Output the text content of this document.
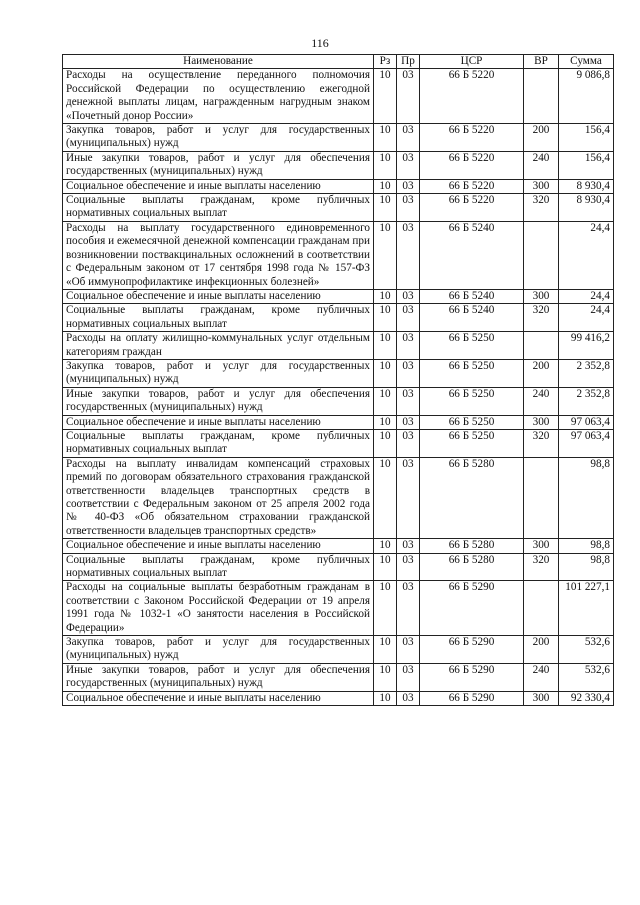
116
Наименование	Рз	Пр	ЦСР	ВР	Сумма
Расходы на осуществление переданного полномочия Российской Федерации по осуществлению ежегодной денежной выплаты лицам, награжденным нагрудным знаком «Почетный донор России»	10	03	66 Б 5220		9 086,8
Закупка товаров, работ и услуг для государственных (муниципальных) нужд	10	03	66 Б 5220	200	156,4
Иные закупки товаров, работ и услуг для обеспечения государственных (муниципальных) нужд	10	03	66 Б 5220	240	156,4
Социальное обеспечение и иные выплаты населению	10	03	66 Б 5220	300	8 930,4
Социальные выплаты гражданам, кроме публичных нормативных социальных выплат	10	03	66 Б 5220	320	8 930,4
Расходы на выплату государственного единовременного пособия и ежемесячной денежной компенсации гражданам при возникновении поствакцинальных осложнений в соответствии с Федеральным законом от 17 сентября 1998 года № 157-ФЗ «Об иммунопрофилактике инфекционных болезней»	10	03	66 Б 5240		24,4
Социальное обеспечение и иные выплаты населению	10	03	66 Б 5240	300	24,4
Социальные выплаты гражданам, кроме публичных нормативных социальных выплат	10	03	66 Б 5240	320	24,4
Расходы на оплату жилищно-коммунальных услуг отдельным категориям граждан	10	03	66 Б 5250		99 416,2
Закупка товаров, работ и услуг для государственных (муниципальных) нужд	10	03	66 Б 5250	200	2 352,8
Иные закупки товаров, работ и услуг для обеспечения государственных (муниципальных) нужд	10	03	66 Б 5250	240	2 352,8
Социальное обеспечение и иные выплаты населению	10	03	66 Б 5250	300	97 063,4
Социальные выплаты гражданам, кроме публичных нормативных социальных выплат	10	03	66 Б 5250	320	97 063,4
Расходы на выплату инвалидам компенсаций страховых премий по договорам обязательного страхования гражданской ответственности владельцев транспортных средств в соответствии с Федеральным законом от 25 апреля 2002 года № 40-ФЗ «Об обязательном страховании гражданской ответственности владельцев транспортных средств»	10	03	66 Б 5280		98,8
Социальное обеспечение и иные выплаты населению	10	03	66 Б 5280	300	98,8
Социальные выплаты гражданам, кроме публичных нормативных социальных выплат	10	03	66 Б 5280	320	98,8
Расходы на социальные выплаты безработным гражданам в соответствии с Законом Российской Федерации от 19 апреля 1991 года № 1032-1 «О занятости населения в Российской Федерации»	10	03	66 Б 5290		101 227,1
Закупка товаров, работ и услуг для государственных (муниципальных) нужд	10	03	66 Б 5290	200	532,6
Иные закупки товаров, работ и услуг для обеспечения государственных (муниципальных) нужд	10	03	66 Б 5290	240	532,6
Социальное обеспечение и иные выплаты населению	10	03	66 Б 5290	300	92 330,4
